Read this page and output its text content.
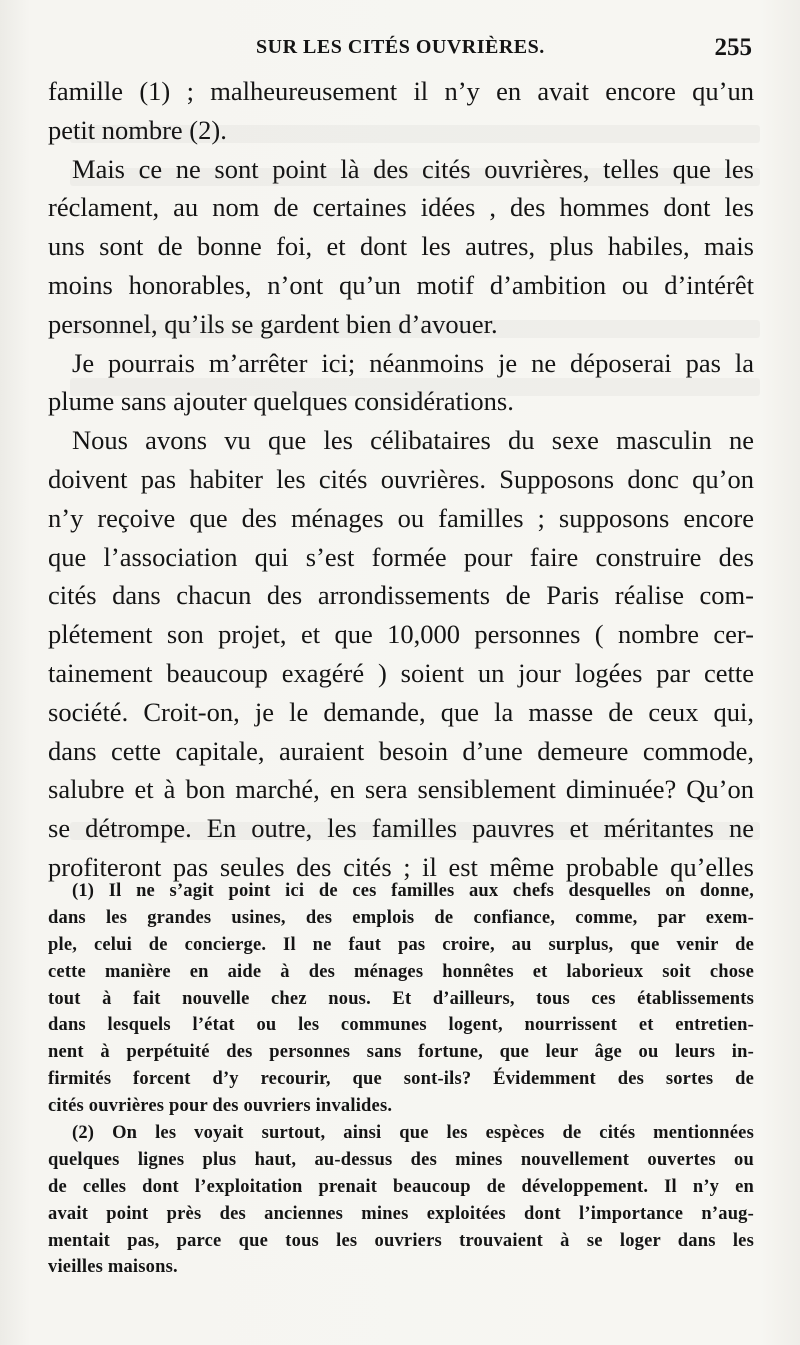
SUR LES CITÉS OUVRIÈRES.	255
famille (1) ; malheureusement il n’y en avait encore qu’un
petit nombre (2).
Mais ce ne sont point là des cités ouvrières, telles que les
réclament, au nom de certaines idées , des hommes dont les
uns sont de bonne foi, et dont les autres, plus habiles, mais
moins honorables, n’ont qu’un motif d’ambition ou d’intérêt
personnel, qu’ils se gardent bien d’avouer.
Je pourrais m’arrêter ici; néanmoins je ne déposerai pas la
plume sans ajouter quelques considérations.
Nous avons vu que les célibataires du sexe masculin ne
doivent pas habiter les cités ouvrières. Supposons donc qu’on
n’y reçoive que des ménages ou familles ; supposons encore
que l’association qui s’est formée pour faire construire des
cités dans chacun des arrondissements de Paris réalise com-
plétement son projet, et que 10,000 personnes ( nombre cer-
tainement beaucoup exagéré ) soient un jour logées par cette
société. Croit-on, je le demande, que la masse de ceux qui,
dans cette capitale, auraient besoin d’une demeure commode,
salubre et à bon marché, en sera sensiblement diminuée? Qu’on
se détrompe. En outre, les familles pauvres et méritantes ne
profiteront pas seules des cités ; il est même probable qu’elles
(1) Il ne s’agit point ici de ces familles aux chefs desquelles on donne,
dans les grandes usines, des emplois de confiance, comme, par exem-
ple, celui de concierge. Il ne faut pas croire, au surplus, que venir de
cette manière en aide à des ménages honnêtes et laborieux soit chose
tout à fait nouvelle chez nous. Et d’ailleurs, tous ces établissements
dans lesquels l’état ou les communes logent, nourrissent et entretien-
nent à perpétuité des personnes sans fortune, que leur âge ou leurs in-
firmités forcent d’y recourir, que sont-ils? Évidemment des sortes de
cités ouvrières pour des ouvriers invalides.
(2) On les voyait surtout, ainsi que les espèces de cités mentionnées
quelques lignes plus haut, au-dessus des mines nouvellement ouvertes ou
de celles dont l’exploitation prenait beaucoup de développement. Il n’y en
avait point près des anciennes mines exploitées dont l’importance n’aug-
mentait pas, parce que tous les ouvriers trouvaient à se loger dans les
vieilles maisons.
